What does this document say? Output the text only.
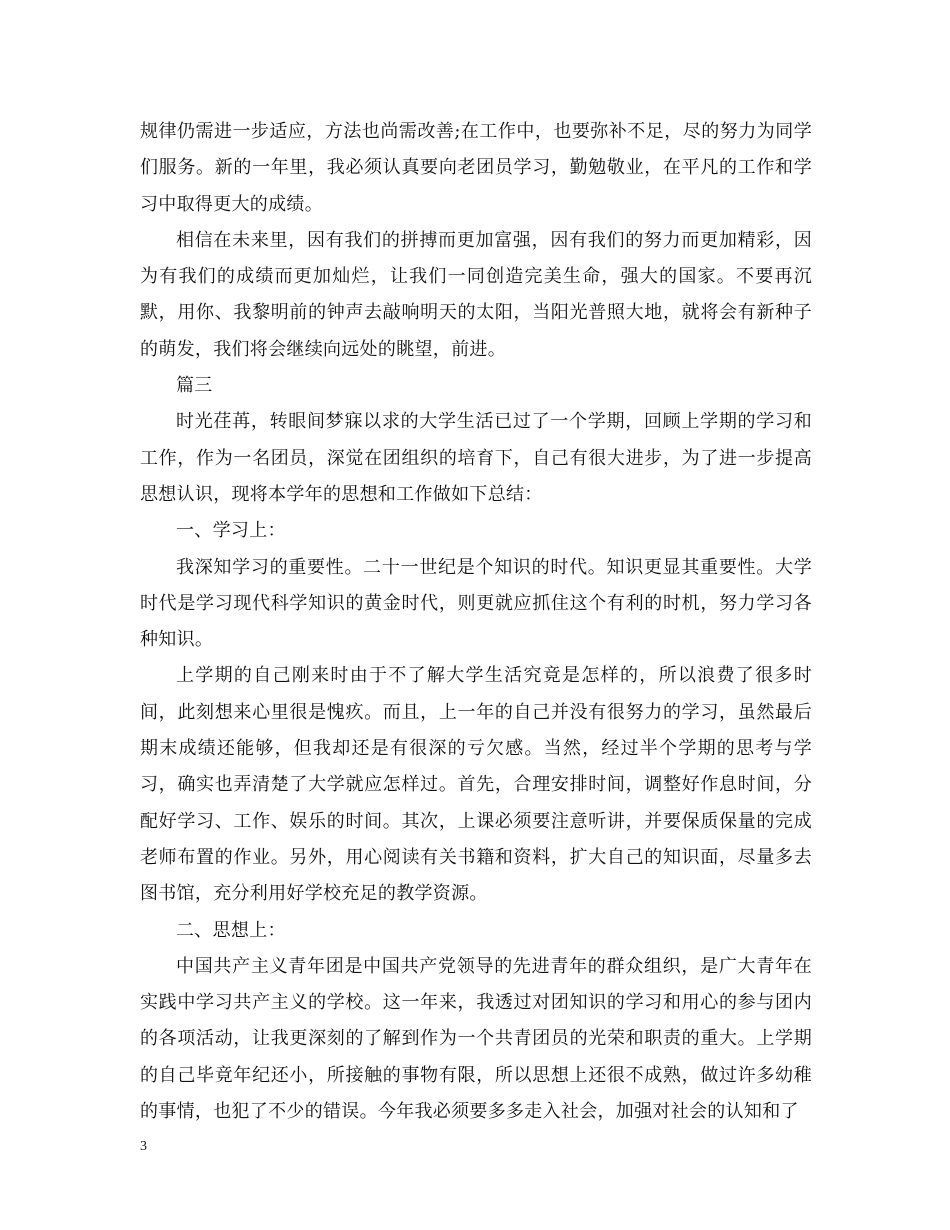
规律仍需进一步适应，方法也尚需改善;在工作中，也要弥补不足，尽的努力为同学们服务。新的一年里，我必须认真要向老团员学习，勤勉敬业，在平凡的工作和学习中取得更大的成绩。

相信在未来里，因有我们的拼搏而更加富强，因有我们的努力而更加精彩，因为有我们的成绩而更加灿烂，让我们一同创造完美生命，强大的国家。不要再沉默，用你、我黎明前的钟声去敲响明天的太阳，当阳光普照大地，就将会有新种子的萌发，我们将会继续向远处的眺望，前进。

篇三

时光荏苒，转眼间梦寐以求的大学生活已过了一个学期，回顾上学期的学习和工作，作为一名团员，深觉在团组织的培育下，自己有很大进步，为了进一步提高思想认识，现将本学年的思想和工作做如下总结：

一、学习上：

我深知学习的重要性。二十一世纪是个知识的时代。知识更显其重要性。大学时代是学习现代科学知识的黄金时代，则更就应抓住这个有利的时机，努力学习各种知识。

上学期的自己刚来时由于不了解大学生活究竟是怎样的，所以浪费了很多时间，此刻想来心里很是愧疚。而且，上一年的自己并没有很努力的学习，虽然最后期末成绩还能够，但我却还是有很深的亏欠感。当然，经过半个学期的思考与学习，确实也弄清楚了大学就应怎样过。首先，合理安排时间，调整好作息时间，分配好学习、工作、娱乐的时间。其次，上课必须要注意听讲，并要保质保量的完成老师布置的作业。另外，用心阅读有关书籍和资料，扩大自己的知识面，尽量多去图书馆，充分利用好学校充足的教学资源。

二、思想上：

中国共产主义青年团是中国共产党领导的先进青年的群众组织，是广大青年在实践中学习共产主义的学校。这一年来，我透过对团知识的学习和用心的参与团内的各项活动，让我更深刻的了解到作为一个共青团员的光荣和职责的重大。上学期的自己毕竟年纪还小，所接触的事物有限，所以思想上还很不成熟，做过许多幼稚的事情，也犯了不少的错误。今年我必须要多多走入社会，加强对社会的认知和了

3
